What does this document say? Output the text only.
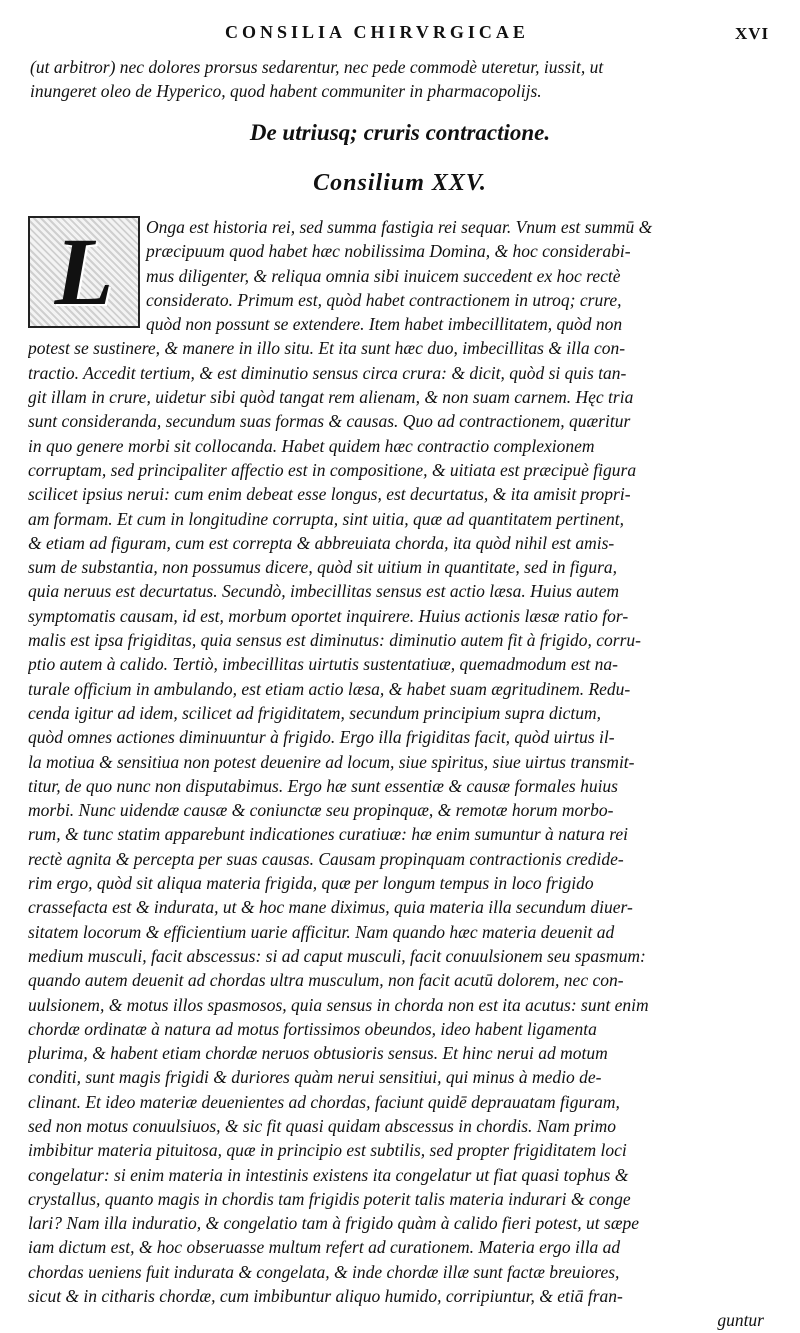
CONSILIA CHIRVRGICAE	XVI
(ut arbitror) nec dolores prorsus sedarentur, nec pede commodè uteretur, iussit, ut
inungeret oleo de Hyperico, quod habent communiter in pharmacopolijs.
De utriusq; cruris contractione.
Consilium XXV.
L	Onga est historia rei, sed summa fastigia rei sequar. Vnum est summū &
præcipuum quod habet hæc nobilissima Domina, & hoc considerabi-
mus diligenter, & reliqua omnia sibi inuicem succedent ex hoc rectè
considerato. Primum est, quòd habet contractionem in utroq; crure,
quòd non possunt se extendere. Item habet imbecillitatem, quòd non
potest se sustinere, & manere in illo situ. Et ita sunt hæc duo, imbecillitas & illa con-
tractio. Accedit tertium, & est diminutio sensus circa crura: & dicit, quòd si quis tan-
git illam in crure, uidetur sibi quòd tangat rem alienam, & non suam carnem. Hęc tria
sunt consideranda, secundum suas formas & causas. Quo ad contractionem, quæritur
in quo genere morbi sit collocanda. Habet quidem hæc contractio complexionem
corruptam, sed principaliter affectio est in compositione, & uitiata est præcipuè figura
scilicet ipsius nerui: cum enim debeat esse longus, est decurtatus, & ita amisit propri-
am formam. Et cum in longitudine corrupta, sint uitia, quæ ad quantitatem pertinent,
& etiam ad figuram, cum est correpta & abbreuiata chorda, ita quòd nihil est amis-
sum de substantia, non possumus dicere, quòd sit uitium in quantitate, sed in figura,
quia neruus est decurtatus. Secundò, imbecillitas sensus est actio læsa. Huius autem
symptomatis causam, id est, morbum oportet inquirere. Huius actionis læsæ ratio for-
malis est ipsa frigiditas, quia sensus est diminutus: diminutio autem fit à frigido, corru-
ptio autem à calido. Tertiò, imbecillitas uirtutis sustentatiuæ, quemadmodum est na-
turale officium in ambulando, est etiam actio læsa, & habet suam ægritudinem. Redu-
cenda igitur ad idem, scilicet ad frigiditatem, secundum principium supra dictum,
quòd omnes actiones diminuuntur à frigido. Ergo illa frigiditas facit, quòd uirtus il-
la motiua & sensitiua non potest deuenire ad locum, siue spiritus, siue uirtus transmit-
titur, de quo nunc non disputabimus. Ergo hæ sunt essentiæ & causæ formales huius
morbi. Nunc uidendæ causæ & coniunctæ seu propinquæ, & remotæ horum morbo-
rum, & tunc statim apparebunt indicationes curatiuæ: hæ enim sumuntur à natura rei
rectè agnita & percepta per suas causas. Causam propinquam contractionis credide-
rim ergo, quòd sit aliqua materia frigida, quæ per longum tempus in loco frigido
crassefacta est & indurata, ut & hoc mane diximus, quia materia illa secundum diuer-
sitatem locorum & efficientium uarie afficitur. Nam quando hæc materia deuenit ad
medium musculi, facit abscessus: si ad caput musculi, facit conuulsionem seu spasmum:
quando autem deuenit ad chordas ultra musculum, non facit acutū dolorem, nec con-
uulsionem, & motus illos spasmosos, quia sensus in chorda non est ita acutus: sunt enim
chordæ ordinatæ à natura ad motus fortissimos obeundos, ideo habent ligamenta
plurima, & habent etiam chordæ neruos obtusioris sensus. Et hinc nerui ad motum
conditi, sunt magis frigidi & duriores quàm nerui sensitiui, qui minus à medio de-
clinant. Et ideo materiæ deuenientes ad chordas, faciunt quidē deprauatam figuram,
sed non motus conuulsiuos, & sic fit quasi quidam abscessus in chordis. Nam primo
imbibitur materia pituitosa, quæ in principio est subtilis, sed propter frigiditatem loci
congelatur: si enim materia in intestinis existens ita congelatur ut fiat quasi tophus &
crystallus, quanto magis in chordis tam frigidis poterit talis materia indurari & conge
lari? Nam illa induratio, & congelatio tam à frigido quàm à calido fieri potest, ut sæpe
iam dictum est, & hoc obseruasse multum refert ad curationem. Materia ergo illa ad
chordas ueniens fuit indurata & congelata, & inde chordæ illæ sunt factæ breuiores,
sicut & in citharis chordæ, cum imbibuntur aliquo humido, corripiuntur, & etiā fran-
guntur
